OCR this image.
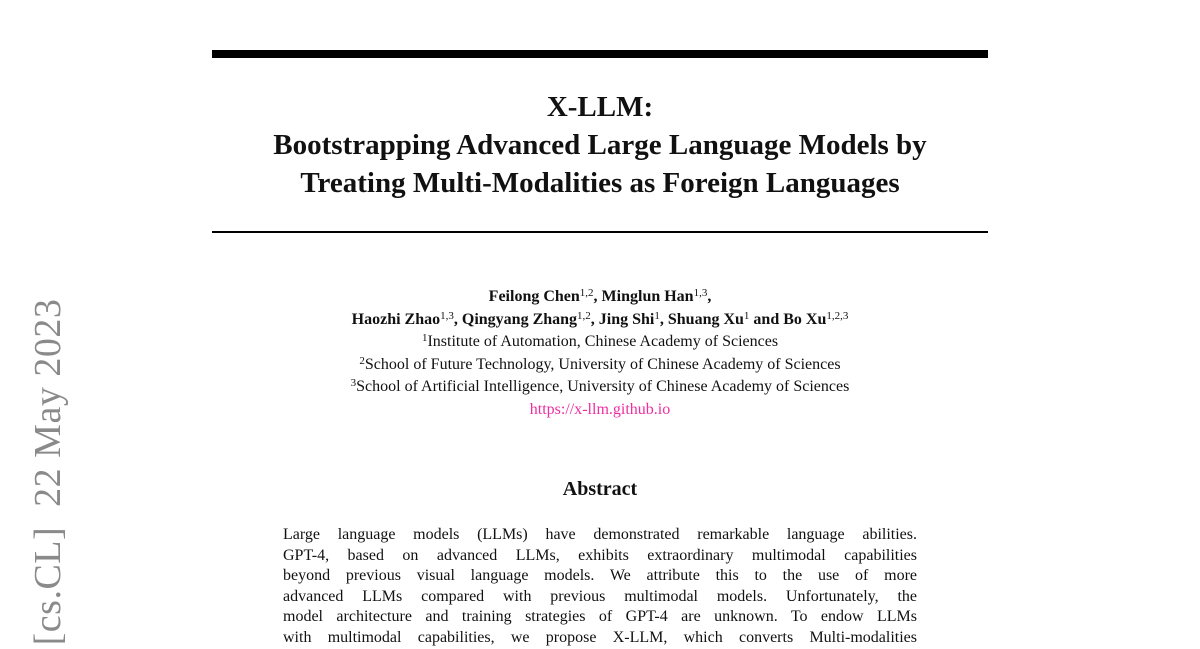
[cs.CL]  22 May 2023
X-LLM:
Bootstrapping Advanced Large Language Models by
Treating Multi-Modalities as Foreign Languages
Feilong Chen$^{1,2}$, Minglun Han$^{1,3}$,
Haozhi Zhao$^{1,3}$, Qingyang Zhang$^{1,2}$, Jing Shi$^1$, Shuang Xu$^1$ and Bo Xu$^{1,2,3}$
$^1$Institute of Automation, Chinese Academy of Sciences
$^2$School of Future Technology, University of Chinese Academy of Sciences
$^3$School of Artificial Intelligence, University of Chinese Academy of Sciences
https://x-llm.github.io
Abstract
Large language models (LLMs) have demonstrated remarkable language abilities.
GPT-4, based on advanced LLMs, exhibits extraordinary multimodal capabilities
beyond previous visual language models. We attribute this to the use of more
advanced LLMs compared with previous multimodal models. Unfortunately, the
model architecture and training strategies of GPT-4 are unknown. To endow LLMs
with multimodal capabilities, we propose X-LLM, which converts Multi-modalities
